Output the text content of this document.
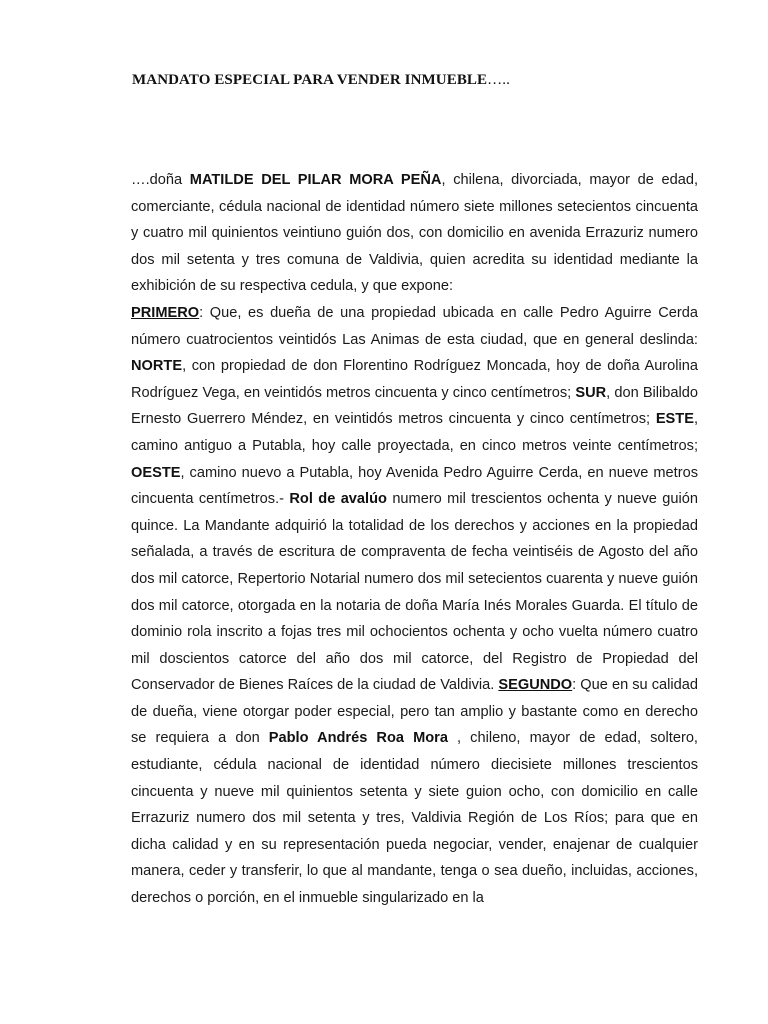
MANDATO ESPECIAL PARA VENDER INMUEBLE…..

….doña MATILDE DEL PILAR MORA PEÑA, chilena, divorciada, mayor de edad, comerciante, cédula nacional de identidad número siete millones setecientos cincuenta y cuatro mil quinientos veintiuno guión dos, con domicilio en avenida Errazuriz numero dos mil setenta y tres comuna de Valdivia, quien acredita su identidad mediante la exhibición de su respectiva cedula, y que expone:

PRIMERO: Que, es dueña de una propiedad ubicada en calle Pedro Aguirre Cerda número cuatrocientos veintidós Las Animas de esta ciudad, que en general deslinda: NORTE, con propiedad de don Florentino Rodríguez Moncada, hoy de doña Aurolina Rodríguez Vega, en veintidós metros cincuenta y cinco centímetros; SUR, don Bilibaldo Ernesto Guerrero Méndez, en veintidós metros cincuenta y cinco centímetros; ESTE, camino antiguo a Putabla, hoy calle proyectada, en cinco metros veinte centímetros; OESTE, camino nuevo a Putabla, hoy Avenida Pedro Aguirre Cerda, en nueve metros cincuenta centímetros.- Rol de avalúo numero mil trescientos ochenta y nueve guión quince. La Mandante adquirió la totalidad de los derechos y acciones en la propiedad señalada, a través de escritura de compraventa de fecha veintiséis de Agosto del año dos mil catorce, Repertorio Notarial numero dos mil setecientos cuarenta y nueve guión dos mil catorce, otorgada en la notaria de doña María Inés Morales Guarda. El título de dominio rola inscrito a fojas tres mil ochocientos ochenta y ocho vuelta número cuatro mil doscientos catorce del año dos mil catorce, del Registro de Propiedad del Conservador de Bienes Raíces de la ciudad de Valdivia. SEGUNDO: Que en su calidad de dueña, viene otorgar poder especial, pero tan amplio y bastante como en derecho se requiera a don Pablo Andrés Roa Mora , chileno, mayor de edad, soltero, estudiante, cédula nacional de identidad número diecisiete millones trescientos cincuenta y nueve mil quinientos setenta y siete guion ocho, con domicilio en calle Errazuriz numero dos mil setenta y tres, Valdivia Región de Los Ríos; para que en dicha calidad y en su representación pueda negociar, vender, enajenar de cualquier manera, ceder y transferir, lo que al mandante, tenga o sea dueño, incluidas, acciones, derechos o porción, en el inmueble singularizado en la
